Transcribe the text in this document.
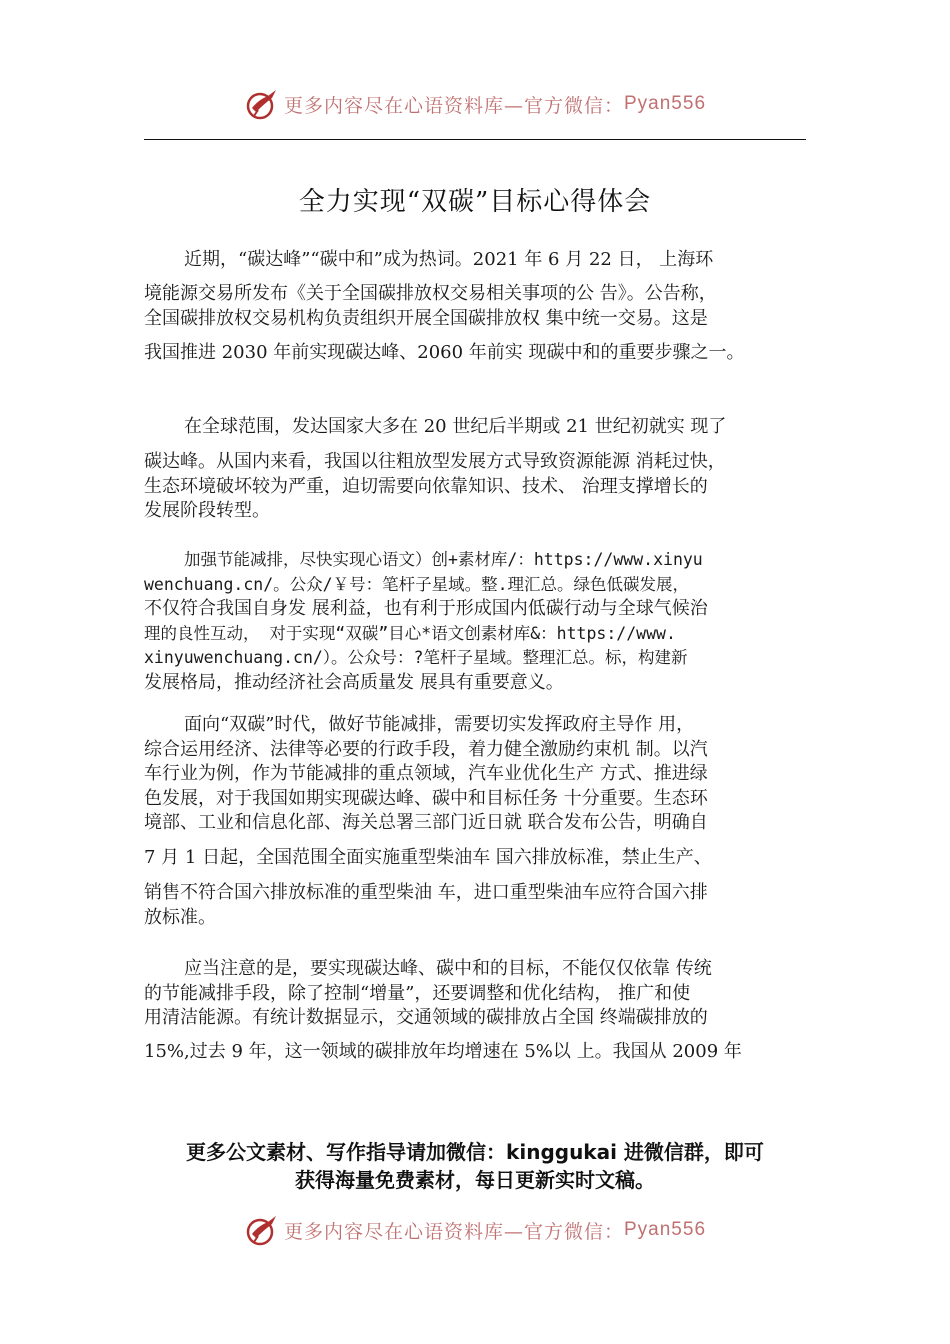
更多内容尽在心语资料库—官方微信： Pyan556
全力实现“双碳”目标心得体会
近期，“碳达峰”“碳中和”成为热词。2021 年 6 月 22 日， 上海环
境能源交易所发布《关于全国碳排放权交易相关事项的公 告》。公告称，
全国碳排放权交易机构负责组织开展全国碳排放权 集中统一交易。这是
我国推进 2030 年前实现碳达峰、2060 年前实 现碳中和的重要步骤之一。
在全球范围，发达国家大多在 20 世纪后半期或 21 世纪初就实 现了
碳达峰。从国内来看，我国以往粗放型发展方式导致资源能源 消耗过快，
生态环境破坏较为严重，迫切需要向依靠知识、技术、 治理支撑增长的
发展阶段转型。
加强节能减排，尽快实现心语文）创+素材库/：https://www.xinyu
wenchuang.cn/。公众/￥号：笔杆子星域。整.理汇总。绿色低碳发展，
不仅符合我国自身发 展利益，也有利于形成国内低碳行动与全球气候治
理的良性互动， 对于实现“双碳”目心*语文创素材库&：https://www.
xinyuwenchuang.cn/）。公众号：?笔杆子星域。整理汇总。标，构建新
发展格局，推动经济社会高质量发 展具有重要意义。
面向“双碳”时代，做好节能减排，需要切实发挥政府主导作 用，
综合运用经济、法律等必要的行政手段，着力健全激励约束机 制。以汽
车行业为例，作为节能减排的重点领域，汽车业优化生产 方式、推进绿
色发展，对于我国如期实现碳达峰、碳中和目标任务 十分重要。生态环
境部、工业和信息化部、海关总署三部门近日就 联合发布公告，明确自
7 月 1 日起，全国范围全面实施重型柴油车 国六排放标准，禁止生产、
销售不符合国六排放标准的重型柴油 车，进口重型柴油车应符合国六排
放标准。
应当注意的是，要实现碳达峰、碳中和的目标，不能仅仅依靠 传统
的节能减排手段，除了控制“增量”，还要调整和优化结构， 推广和使
用清洁能源。有统计数据显示，交通领域的碳排放占全国 终端碳排放的
15%,过去 9 年，这一领域的碳排放年均增速在 5%以 上。我国从 2009 年
更多公文素材、写作指导请加微信：kinggukai 进微信群，即可
获得海量免费素材，每日更新实时文稿。
更多内容尽在心语资料库—官方微信： Pyan556
